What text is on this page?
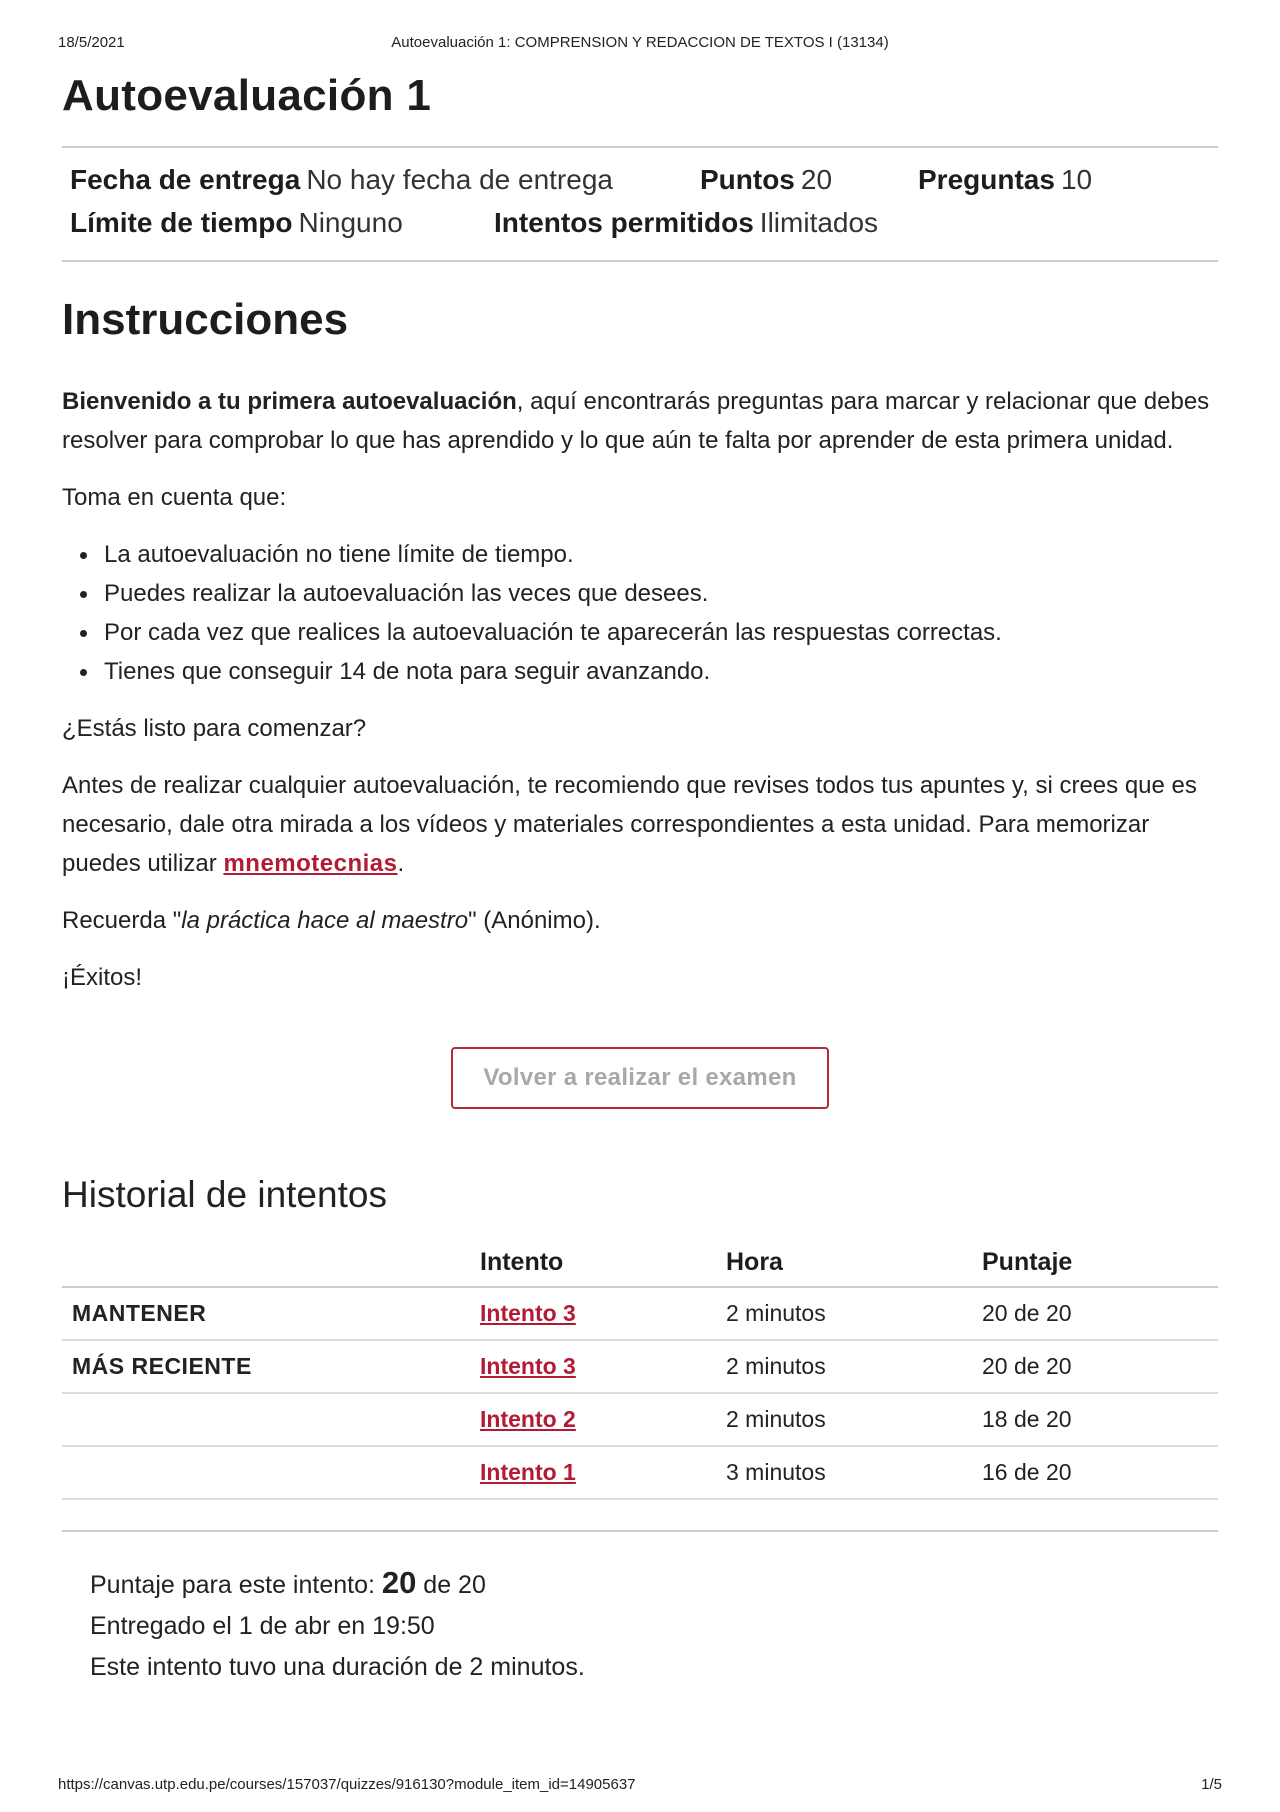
18/5/2021	Autoevaluación 1: COMPRENSION Y REDACCION DE TEXTOS I (13134)
Autoevaluación 1
Fecha de entrega No hay fecha de entrega	Puntos 20	Preguntas 10
Límite de tiempo Ninguno	Intentos permitidos Ilimitados
Instrucciones

Bienvenido a tu primera autoevaluación, aquí encontrarás preguntas para marcar y relacionar que debes resolver para comprobar lo que has aprendido y lo que aún te falta por aprender de esta primera unidad.

Toma en cuenta que:

La autoevaluación no tiene límite de tiempo.
Puedes realizar la autoevaluación las veces que desees.
Por cada vez que realices la autoevaluación te aparecerán las respuestas correctas.
Tienes que conseguir 14 de nota para seguir avanzando.

¿Estás listo para comenzar?

Antes de realizar cualquier autoevaluación, te recomiendo que revises todos tus apuntes y, si crees que es necesario, dale otra mirada a los vídeos y materiales correspondientes a esta unidad. Para memorizar puedes utilizar mnemotecnias.

Recuerda "la práctica hace al maestro" (Anónimo).

¡Éxitos!

Volver a realizar el examen
Historial de intentos
	Intento	Hora	Puntaje
MANTENER	Intento 3	2 minutos	20 de 20
MÁS RECIENTE	Intento 3	2 minutos	20 de 20
	Intento 2	2 minutos	18 de 20
	Intento 1	3 minutos	16 de 20
Puntaje para este intento: 20 de 20
Entregado el 1 de abr en 19:50
Este intento tuvo una duración de 2 minutos.
https://canvas.utp.edu.pe/courses/157037/quizzes/916130?module_item_id=14905637	1/5
